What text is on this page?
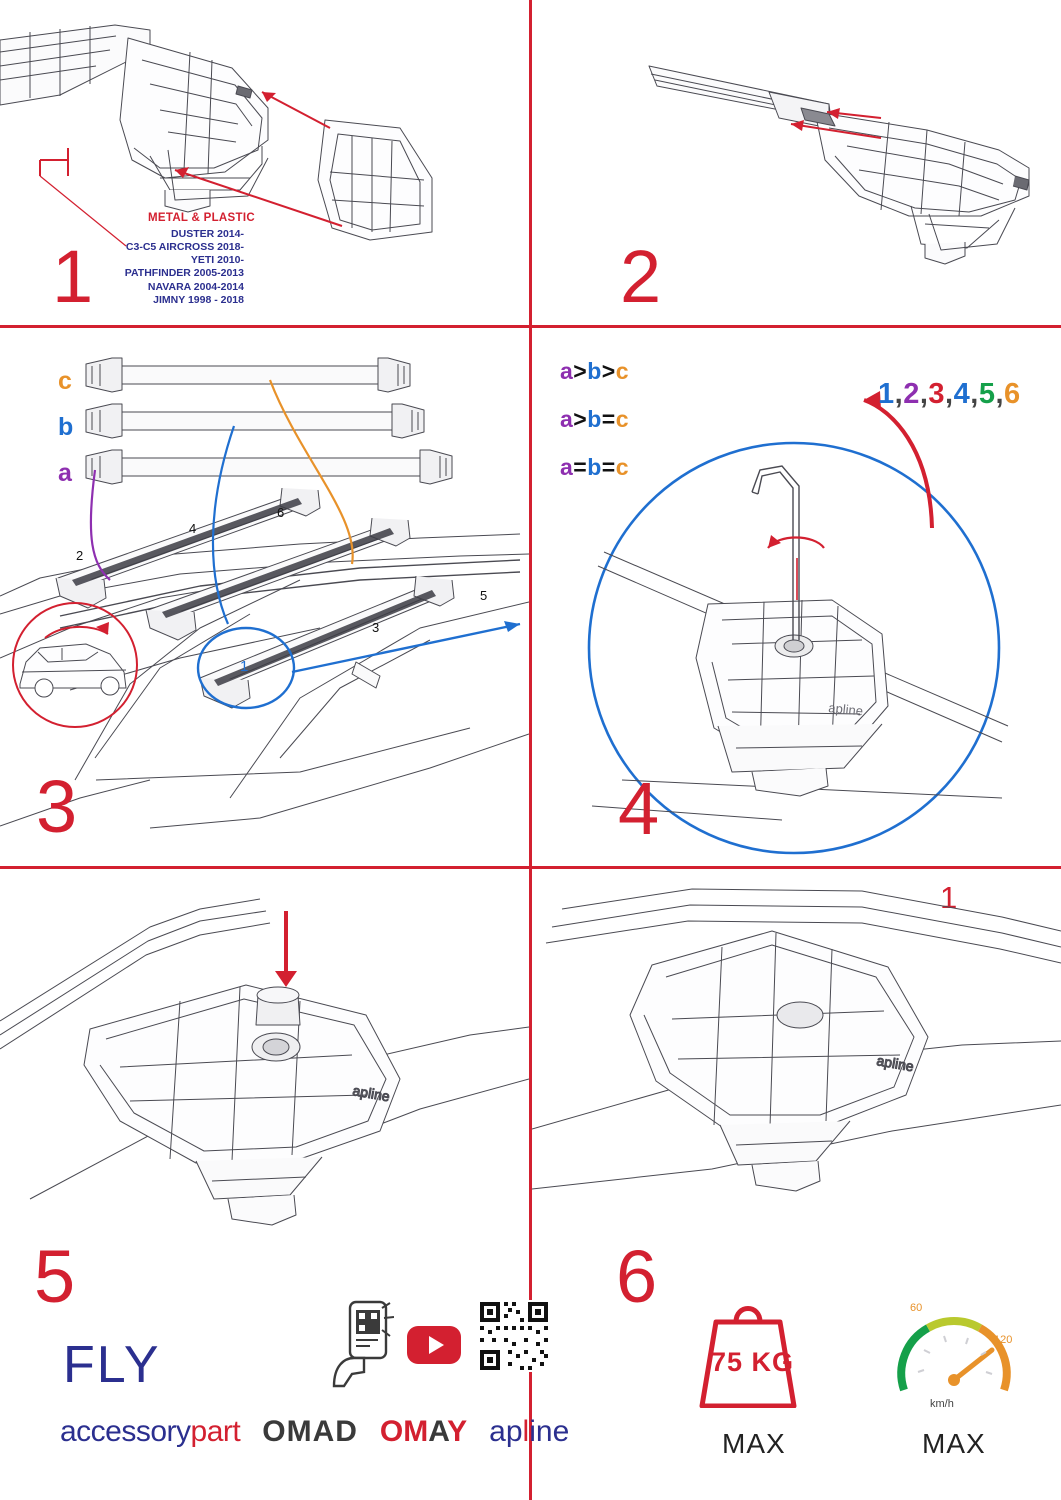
METAL & PLASTIC
DUSTER 2014-
C3-C5 AIRCROSS 2018-
YETI 2010-
PATHFINDER 2005-2013
NAVARA 2004-2014
JIMNY 1998 - 2018
1	2
c
b
a
a>b>c
a>b=c
a=b=c
2
4
6
3
5
1
3
apline
1
1,2,3,4,5,6
4
apline
apline
5	6
FLY
accessorypart OMAD OMAY apline
75 KG
MAX
60
120
km/h
MAX
